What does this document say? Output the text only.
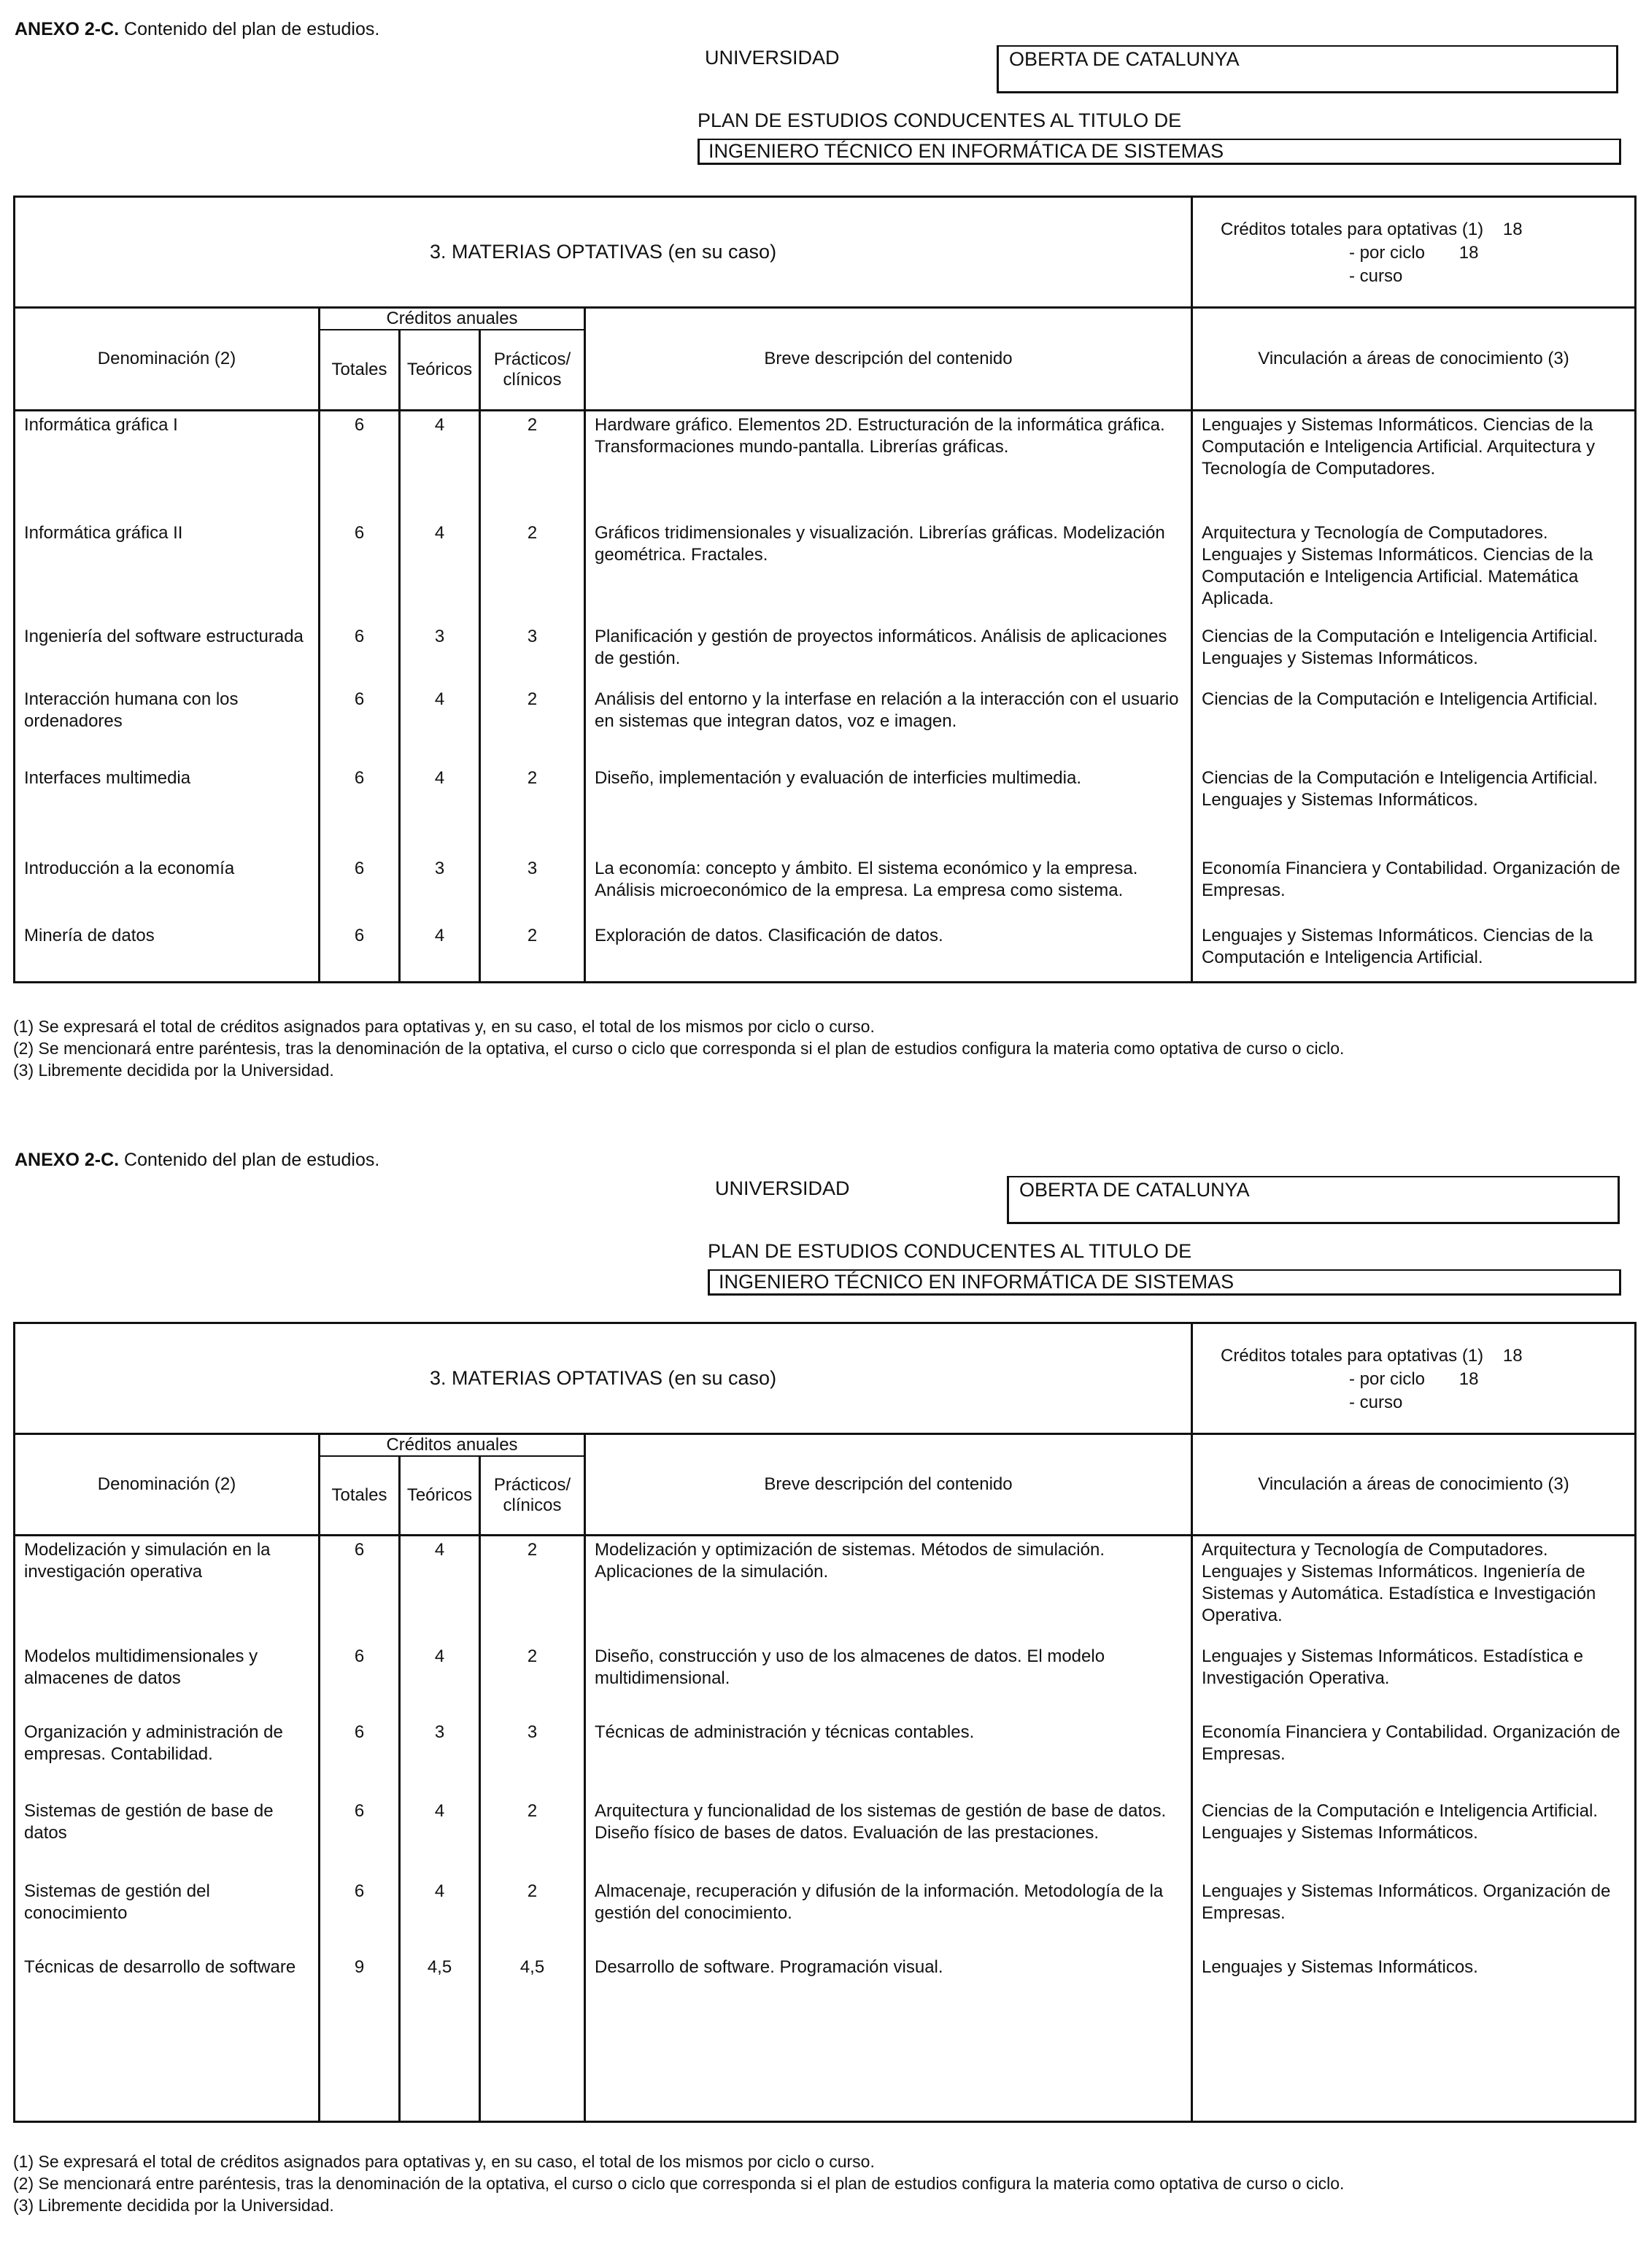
ANEXO 2-C. Contenido del plan de estudios.
UNIVERSIDAD	OBERTA DE CATALUNYA
PLAN DE ESTUDIOS CONDUCENTES AL TITULO DE
INGENIERO TÉCNICO EN INFORMÁTICA DE SISTEMAS
3. MATERIAS OPTATIVAS (en su caso)					Créditos totales para optativas (1) 18
- por ciclo 18
- curso

Denominación (2)	Créditos anuales			Breve descripción del contenido	Vinculación a áreas de conocimiento (3)
	Totales	Teóricos	Prácticos/ clínicos		
Informática gráfica I	6	4	2	Hardware gráfico. Elementos 2D. Estructuración de la informática gráfica. Transformaciones mundo-pantalla. Librerías gráficas.	Lenguajes y Sistemas Informáticos. Ciencias de la Computación e Inteligencia Artificial. Arquitectura y Tecnología de Computadores.
Informática gráfica II	6	4	2	Gráficos tridimensionales y visualización. Librerías gráficas. Modelización geométrica. Fractales.	Arquitectura y Tecnología de Computadores. Lenguajes y Sistemas Informáticos. Ciencias de la Computación e Inteligencia Artificial. Matemática Aplicada.
Ingeniería del software estructurada	6	3	3	Planificación y gestión de proyectos informáticos. Análisis de aplicaciones de gestión.	Ciencias de la Computación e Inteligencia Artificial. Lenguajes y Sistemas Informáticos.
Interacción humana con los ordenadores	6	4	2	Análisis del entorno y la interfase en relación a la interacción con el usuario en sistemas que integran datos, voz e imagen.	Ciencias de la Computación e Inteligencia Artificial.
Interfaces multimedia	6	4	2	Diseño, implementación y evaluación de interficies multimedia.	Ciencias de la Computación e Inteligencia Artificial. Lenguajes y Sistemas Informáticos.
Introducción a la economía	6	3	3	La economía: concepto y ámbito. El sistema económico y la empresa. Análisis microeconómico de la empresa. La empresa como sistema.	Economía Financiera y Contabilidad. Organización de Empresas.
Minería de datos	6	4	2	Exploración de datos. Clasificación de datos.	Lenguajes y Sistemas Informáticos. Ciencias de la Computación e Inteligencia Artificial.
(1) Se expresará el total de créditos asignados para optativas y, en su caso, el total de los mismos por ciclo o curso.
(2) Se mencionará entre paréntesis, tras la denominación de la optativa, el curso o ciclo que corresponda si el plan de estudios configura la materia como optativa de curso o ciclo.
(3) Libremente decidida por la Universidad.
ANEXO 2-C. Contenido del plan de estudios.
UNIVERSIDAD	OBERTA DE CATALUNYA
PLAN DE ESTUDIOS CONDUCENTES AL TITULO DE
INGENIERO TÉCNICO EN INFORMÁTICA DE SISTEMAS
3. MATERIAS OPTATIVAS (en su caso)					Créditos totales para optativas (1) 18
- por ciclo 18
- curso

Denominación (2)	Créditos anuales			Breve descripción del contenido	Vinculación a áreas de conocimiento (3)
	Totales	Teóricos	Prácticos/ clínicos		
Modelización y simulación en la investigación operativa	6	4	2	Modelización y optimización de sistemas. Métodos de simulación. Aplicaciones de la simulación.	Arquitectura y Tecnología de Computadores. Lenguajes y Sistemas Informáticos. Ingeniería de Sistemas y Automática. Estadística e Investigación Operativa.
Modelos multidimensionales y almacenes de datos	6	4	2	Diseño, construcción y uso de los almacenes de datos. El modelo multidimensional.	Lenguajes y Sistemas Informáticos. Estadística e Investigación Operativa.
Organización y administración de empresas. Contabilidad.	6	3	3	Técnicas de administración y técnicas contables.	Economía Financiera y Contabilidad. Organización de Empresas.
Sistemas de gestión de base de datos	6	4	2	Arquitectura y funcionalidad de los sistemas de gestión de base de datos. Diseño físico de bases de datos. Evaluación de las prestaciones.	Ciencias de la Computación e Inteligencia Artificial. Lenguajes y Sistemas Informáticos.
Sistemas de gestión del conocimiento	6	4	2	Almacenaje, recuperación y difusión de la información. Metodología de la gestión del conocimiento.	Lenguajes y Sistemas Informáticos. Organización de Empresas.
Técnicas de desarrollo de software	9	4,5	4,5	Desarrollo de software. Programación visual.	Lenguajes y Sistemas Informáticos.
(1) Se expresará el total de créditos asignados para optativas y, en su caso, el total de los mismos por ciclo o curso.
(2) Se mencionará entre paréntesis, tras la denominación de la optativa, el curso o ciclo que corresponda si el plan de estudios configura la materia como optativa de curso o ciclo.
(3) Libremente decidida por la Universidad.
